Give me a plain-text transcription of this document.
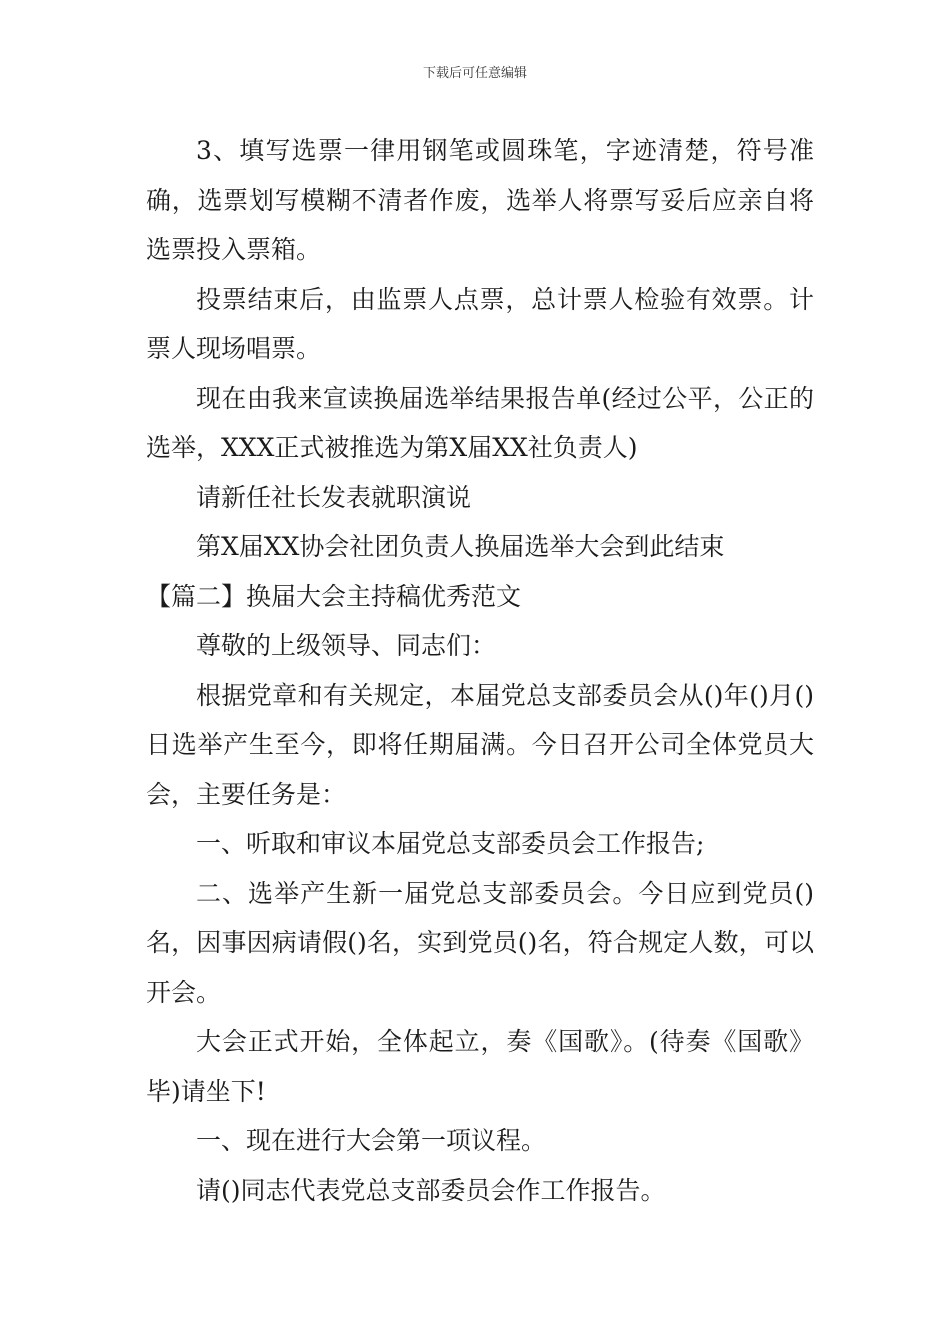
下载后可任意编辑

3、填写选票一律用钢笔或圆珠笔，字迹清楚，符号准确，选票划写模糊不清者作废，选举人将票写妥后应亲自将选票投入票箱。

投票结束后，由监票人点票，总计票人检验有效票。计票人现场唱票。

现在由我来宣读换届选举结果报告单(经过公平，公正的选举，XXX正式被推选为第X届XX社负责人)

请新任社长发表就职演说

第X届XX协会社团负责人换届选举大会到此结束

【篇二】换届大会主持稿优秀范文

尊敬的上级领导、同志们：

根据党章和有关规定，本届党总支部委员会从()年()月()日选举产生至今，即将任期届满。今日召开公司全体党员大会，主要任务是：

一、听取和审议本届党总支部委员会工作报告;

二、选举产生新一届党总支部委员会。今日应到党员()名，因事因病请假()名，实到党员()名，符合规定人数，可以开会。

大会正式开始，全体起立，奏《国歌》。(待奏《国歌》毕)请坐下!

一、现在进行大会第一项议程。

请()同志代表党总支部委员会作工作报告。
